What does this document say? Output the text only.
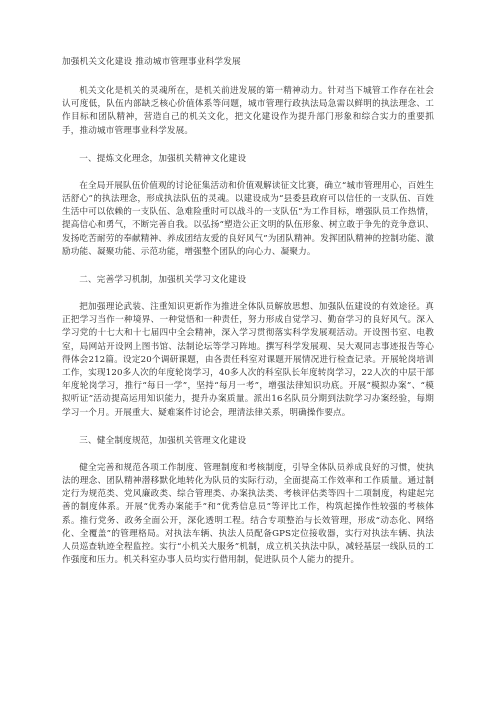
加强机关文化建设 推动城市管理事业科学发展

机关文化是机关的灵魂所在，是机关前进发展的第一精神动力。针对当下城管工作存在社会认可度低，队伍内部缺乏核心价值体系等问题，城市管理行政执法局急需以鲜明的执法理念、工作目标和团队精神，营造自己的机关文化，把文化建设作为提升部门形象和综合实力的重要抓手，推动城市管理事业科学发展。

一、提炼文化理念，加强机关精神文化建设

在全局开展队伍价值观的讨论征集活动和价值观解读征文比赛，确立“城市管理用心，百姓生活舒心”的执法理念，形成执法队伍的灵魂。以建设成为“县委县政府可以信任的一支队伍、百姓生活中可以依赖的一支队伍、急难险重时可以战斗的一支队伍”为工作目标，增强队员工作热情，提高信心和勇气，不断完善自我。以弘扬“塑造公正文明的队伍形象、树立敢于争先的竞争意识、发扬吃苦耐劳的奉献精神、养成团结友爱的良好风气”为团队精神。发挥团队精神的控制功能、激励功能、凝聚功能、示范功能，增强整个团队的向心力、凝聚力。

二、完善学习机制，加强机关学习文化建设

把加强理论武装、注重知识更新作为推进全体队员解放思想、加强队伍建设的有效途径。真正把学习当作一种境界、一种觉悟和一种责任，努力形成自觉学习、勤奋学习的良好风气。深入学习党的十七大和十七届四中全会精神，深入学习贯彻落实科学发展观活动。开设图书室、电教室，局网站开设网上图书馆、法制论坛等学习阵地。撰写科学发展观、吴大观同志事迹报告等心得体会212篇。设定20个调研课题，由各责任科室对课题开展情况进行检查记录。开展轮岗培训工作，实现120多人次的年度轮岗学习，40多人次的科室队长年度转岗学习，22人次的中层干部年度轮岗学习，推行“每日一学”，坚持“每月一考”，增强法律知识功底。开展“模拟办案”、“模拟听证”活动提高运用知识能力，提升办案质量。派出16名队员分期到法院学习办案经验，每期学习一个月。开展重大、疑难案件讨论会，理清法律关系，明确操作要点。

三、健全制度规范，加强机关管理文化建设

健全完善和规范各项工作制度、管理制度和考核制度，引导全体队员养成良好的习惯，使执法的理念、团队精神潜移默化地转化为队员的实际行动，全面提高工作效率和工作质量。通过制定行为规范类、党风廉政类、综合管理类、办案执法类、考核评估类等四十二项制度，构建起完善的制度体系。开展“优秀办案能手”和“优秀信息员”等评比工作，构筑起操作性较强的考核体系。推行党务、政务全面公开，深化透明工程。结合专项整治与长效管理，形成“动态化、网络化、全覆盖”的管理格局。对执法车辆、执法人员配备GPS定位接收器，实行对执法车辆、执法人员巡查轨迹全程监控。实行“小机关大服务”机制，成立机关执法中队，减轻基层一线队员的工作强度和压力。机关科室办事人员均实行借用制，促进队员个人能力的提升。
